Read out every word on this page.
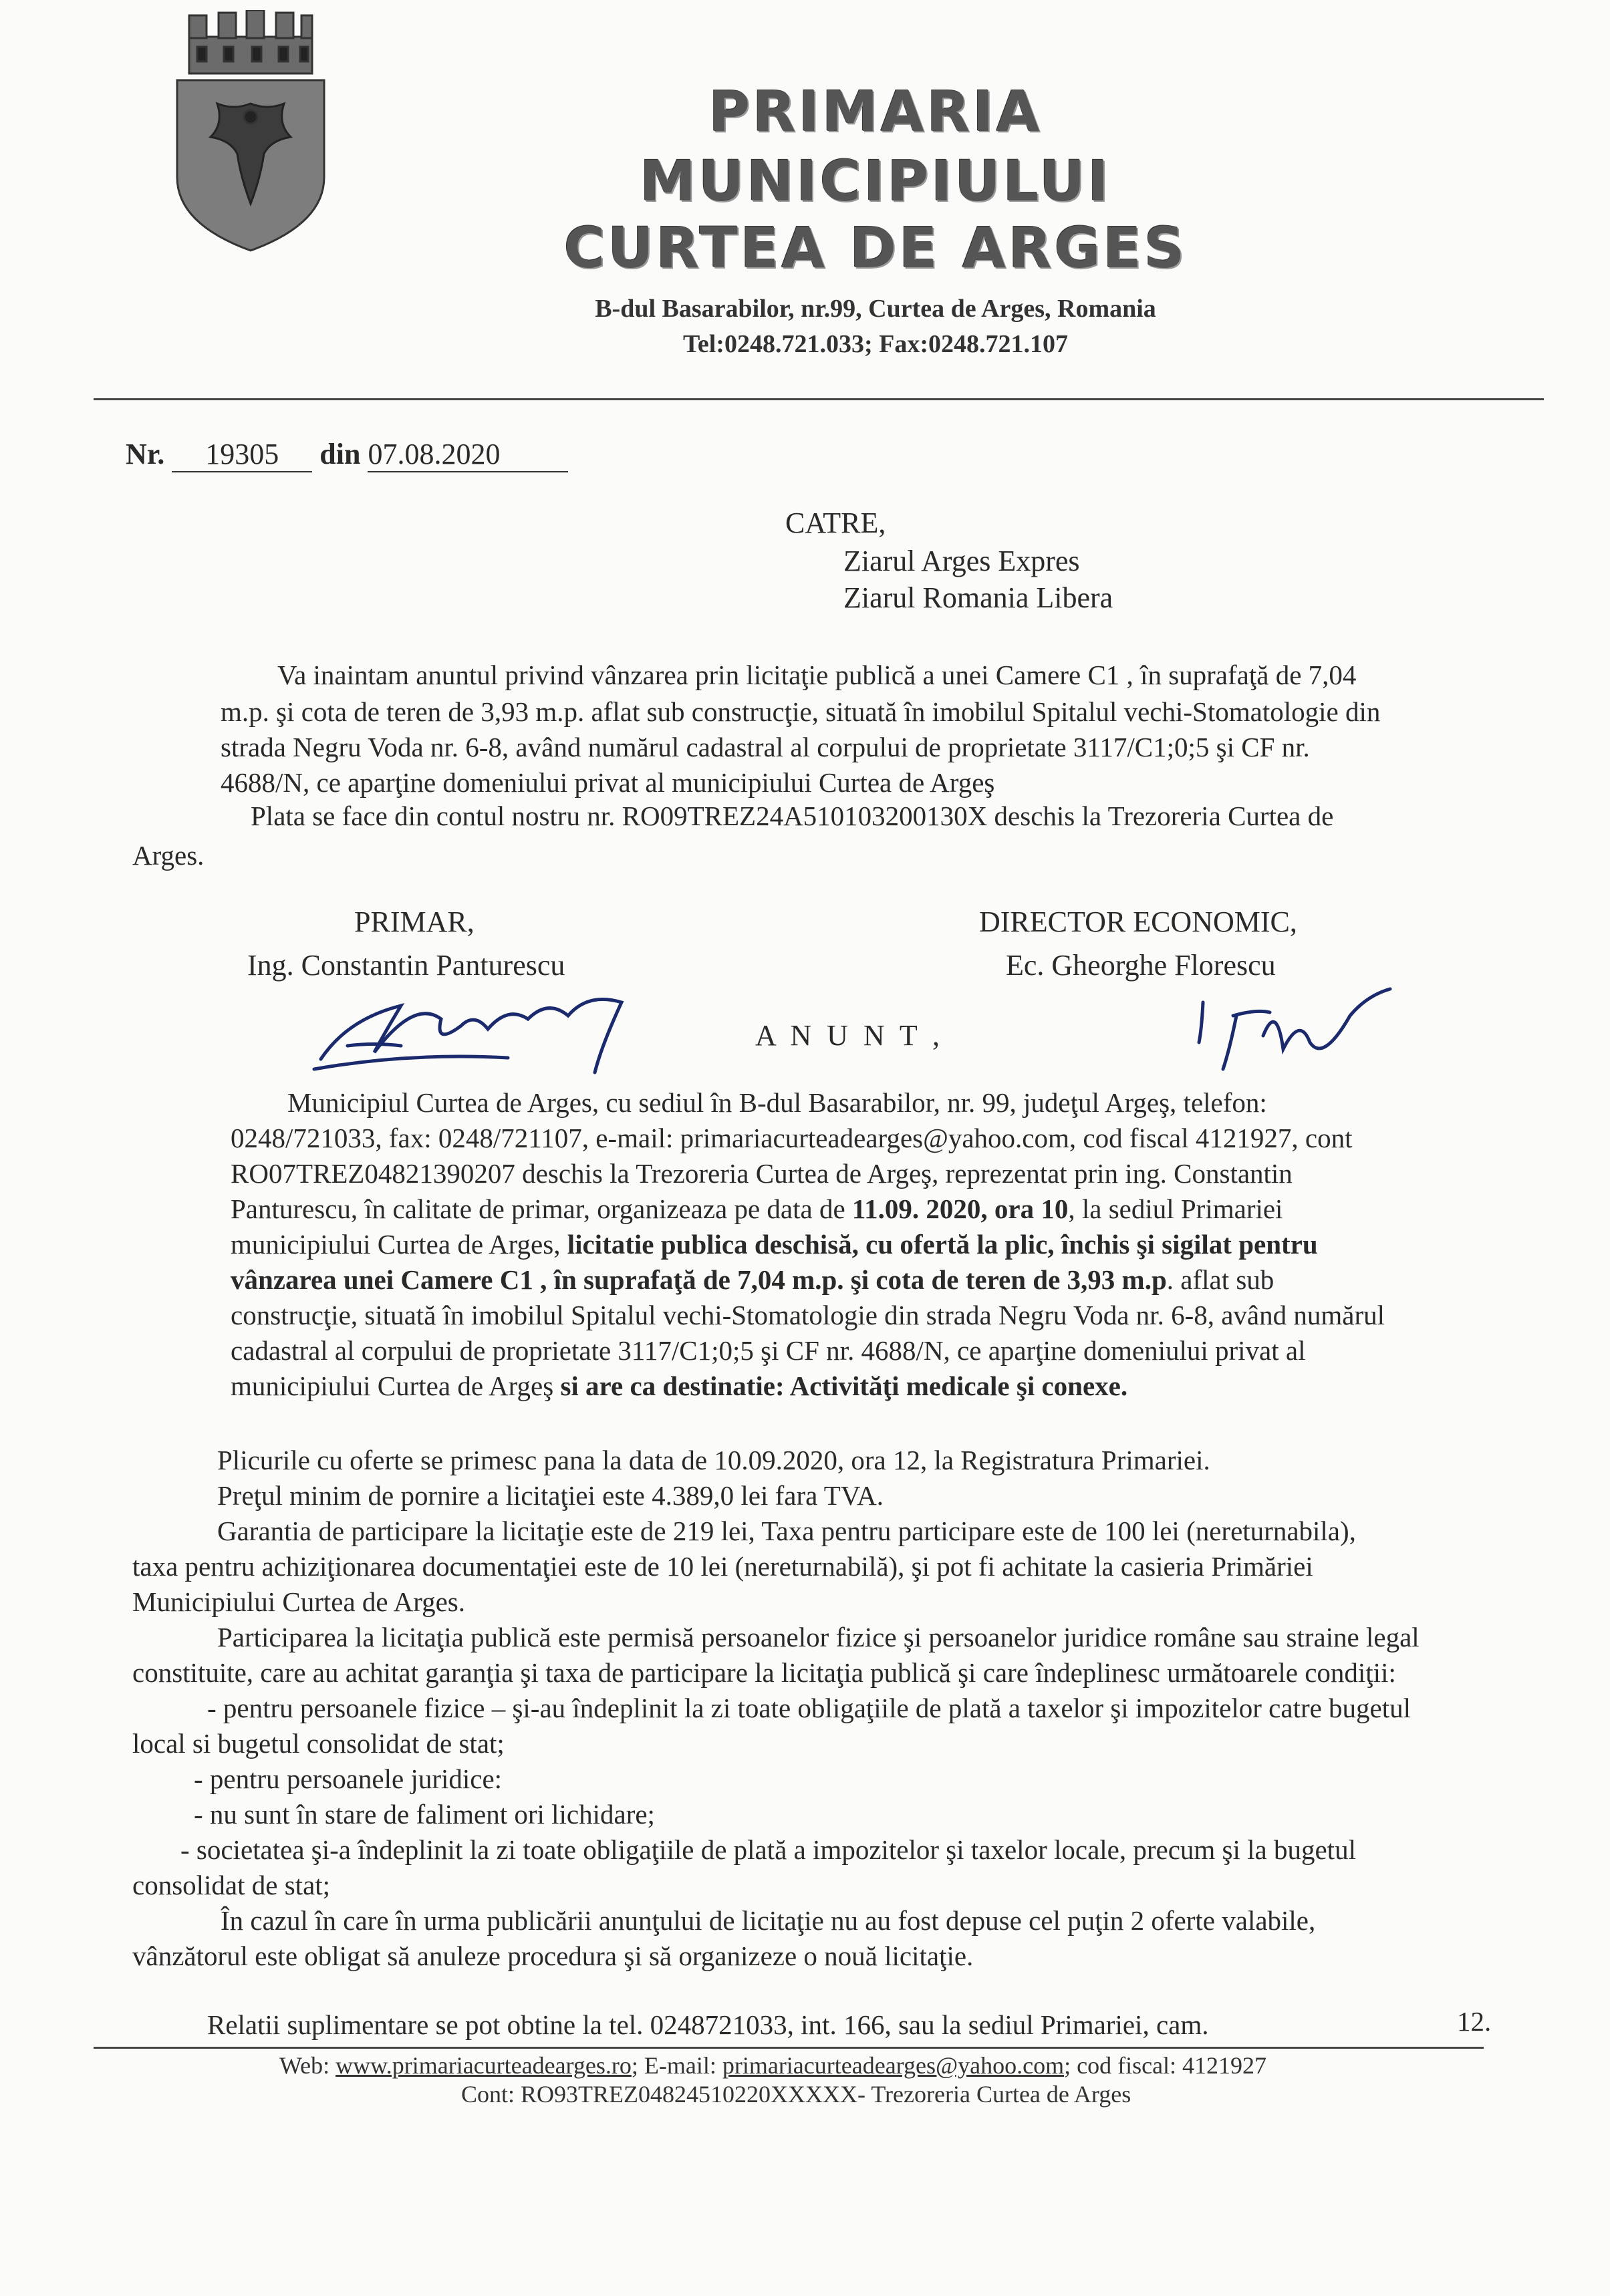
PRIMARIA
MUNICIPIULUI
CURTEA DE ARGES
B-dul Basarabilor, nr.99, Curtea de Arges, Romania
Tel:0248.721.033; Fax:0248.721.107
Nr. 19305 din 07.08.2020
CATRE,
Ziarul Arges Expres
Ziarul Romania Libera
Va inaintam anuntul privind vânzarea prin licitaţie publică a unei Camere C1 , în suprafaţă de 7,04
m.p. şi cota de teren de 3,93 m.p. aflat sub construcţie, situată în imobilul Spitalul vechi-Stomatologie din
strada Negru Voda nr. 6-8, având numărul cadastral al corpului de proprietate 3117/C1;0;5 şi CF nr.
4688/N, ce aparţine domeniului privat al municipiului Curtea de Argeş
Plata se face din contul nostru nr. RO09TREZ24A510103200130X deschis la Trezoreria Curtea de
Arges.
PRIMAR,
Ing. Constantin Panturescu
DIRECTOR ECONOMIC,
Ec. Gheorghe Florescu
A N U N T ,
Municipiul Curtea de Arges, cu sediul în B-dul Basarabilor, nr. 99, judeţul Argeş, telefon:
0248/721033, fax: 0248/721107, e-mail: primariacurteadearges@yahoo.com, cod fiscal 4121927, cont
RO07TREZ04821390207 deschis la Trezoreria Curtea de Argeş, reprezentat prin ing. Constantin
Panturescu, în calitate de primar, organizeaza pe data de 11.09. 2020, ora 10, la sediul Primariei
municipiului Curtea de Arges, licitatie publica deschisă, cu ofertă la plic, închis şi sigilat pentru
vânzarea unei Camere C1 , în suprafaţă de 7,04 m.p. şi cota de teren de 3,93 m.p. aflat sub
construcţie, situată în imobilul Spitalul vechi-Stomatologie din strada Negru Voda nr. 6-8, având numărul
cadastral al corpului de proprietate 3117/C1;0;5 şi CF nr. 4688/N, ce aparţine domeniului privat al
municipiului Curtea de Argeş si are ca destinatie: Activităţi medicale şi conexe.
Plicurile cu oferte se primesc pana la data de 10.09.2020, ora 12, la Registratura Primariei.
Preţul minim de pornire a licitaţiei este 4.389,0 lei fara TVA.
Garantia de participare la licitaţie este de 219 lei, Taxa pentru participare este de 100 lei (nereturnabila),
taxa pentru achiziţionarea documentaţiei este de 10 lei (nereturnabilă), şi pot fi achitate la casieria Primăriei
Municipiului Curtea de Arges.
Participarea la licitaţia publică este permisă persoanelor fizice şi persoanelor juridice române sau straine legal
constituite, care au achitat garanţia şi taxa de participare la licitaţia publică şi care îndeplinesc următoarele condiţii:
- pentru persoanele fizice – şi-au îndeplinit la zi toate obligaţiile de plată a taxelor şi impozitelor catre bugetul
local si bugetul consolidat de stat;
- pentru persoanele juridice:
- nu sunt în stare de faliment ori lichidare;
- societatea şi-a îndeplinit la zi toate obligaţiile de plată a impozitelor şi taxelor locale, precum şi la bugetul
consolidat de stat;
În cazul în care în urma publicării anunţului de licitaţie nu au fost depuse cel puţin 2 oferte valabile,
vânzătorul este obligat să anuleze procedura şi să organizeze o nouă licitaţie.
Relatii suplimentare se pot obtine la tel. 0248721033, int. 166, sau la sediul Primariei, cam.	12.
Web: www.primariacurteadearges.ro; E-mail: primariacurteadearges@yahoo.com; cod fiscal: 4121927
Cont: RO93TREZ04824510220XXXXX- Trezoreria Curtea de Arges
